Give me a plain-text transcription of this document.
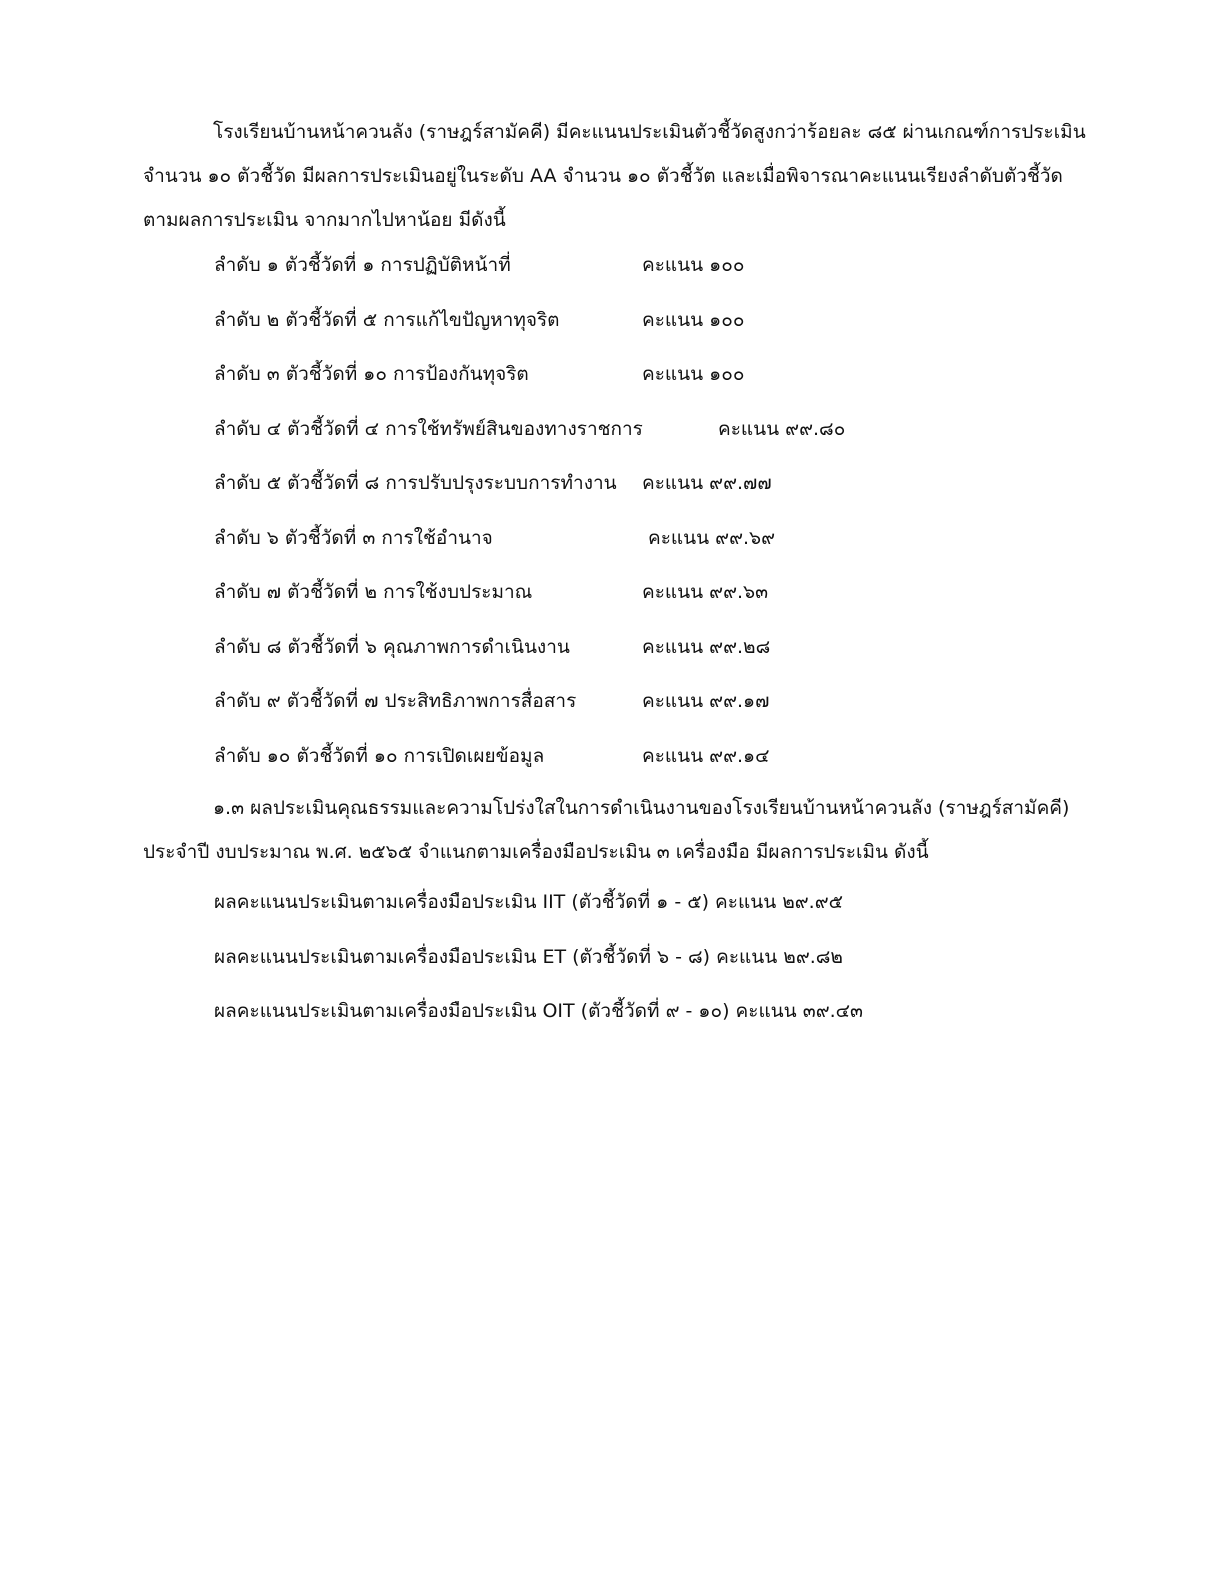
โรงเรียนบ้านหน้าควนลัง (ราษฎร์สามัคคี) มีคะแนนประเมินตัวชี้วัดสูงกว่าร้อยละ ๘๕ ผ่านเกณฑ์การประเมิน จำนวน ๑๐ ตัวชี้วัด มีผลการประเมินอยู่ในระดับ AA จำนวน ๑๐ ตัวชี้วัต และเมื่อพิจารณาคะแนนเรียงลำดับตัวชี้วัด ตามผลการประเมิน จากมากไปหาน้อย มีดังนี้

ลำดับ ๑ ตัวชี้วัดที่ ๑ การปฏิบัติหน้าที่	คะแนน ๑๐๐
ลำดับ ๒ ตัวชี้วัดที่ ๕ การแก้ไขปัญหาทุจริต	คะแนน ๑๐๐
ลำดับ ๓ ตัวชี้วัดที่ ๑๐ การป้องกันทุจริต	คะแนน ๑๐๐
ลำดับ ๔ ตัวชี้วัดที่ ๔ การใช้ทรัพย์สินของทางราชการ	คะแนน ๙๙.๘๐
ลำดับ ๕ ตัวชี้วัดที่ ๘ การปรับปรุงระบบการทำงาน คะแนน ๙๙.๗๗
ลำดับ ๖ ตัวชี้วัดที่ ๓ การใช้อำนาจ	คะแนน ๙๙.๖๙
ลำดับ ๗ ตัวชี้วัดที่ ๒ การใช้งบประมาณ	คะแนน ๙๙.๖๓
ลำดับ ๘ ตัวชี้วัดที่ ๖ คุณภาพการดำเนินงาน	คะแนน ๙๙.๒๘
ลำดับ ๙ ตัวชี้วัดที่ ๗ ประสิทธิภาพการสื่อสาร	คะแนน ๙๙.๑๗
ลำดับ ๑๐ ตัวชี้วัดที่ ๑๐ การเปิดเผยข้อมูล	คะแนน ๙๙.๑๔

๑.๓ ผลประเมินคุณธรรมและความโปร่งใสในการดำเนินงานของโรงเรียนบ้านหน้าควนลัง (ราษฎร์สามัคคี) ประจำปี งบประมาณ พ.ศ. ๒๕๖๕ จำแนกตามเครื่องมือประเมิน ๓ เครื่องมือ มีผลการประเมิน ดังนี้

ผลคะแนนประเมินตามเครื่องมือประเมิน IIT (ตัวชี้วัดที่ ๑ - ๕) คะแนน ๒๙.๙๕

ผลคะแนนประเมินตามเครื่องมือประเมิน ET (ตัวชี้วัดที่ ๖ - ๘) คะแนน ๒๙.๘๒

ผลคะแนนประเมินตามเครื่องมือประเมิน OIT (ตัวชี้วัดที่ ๙ - ๑๐) คะแนน ๓๙.๔๓
